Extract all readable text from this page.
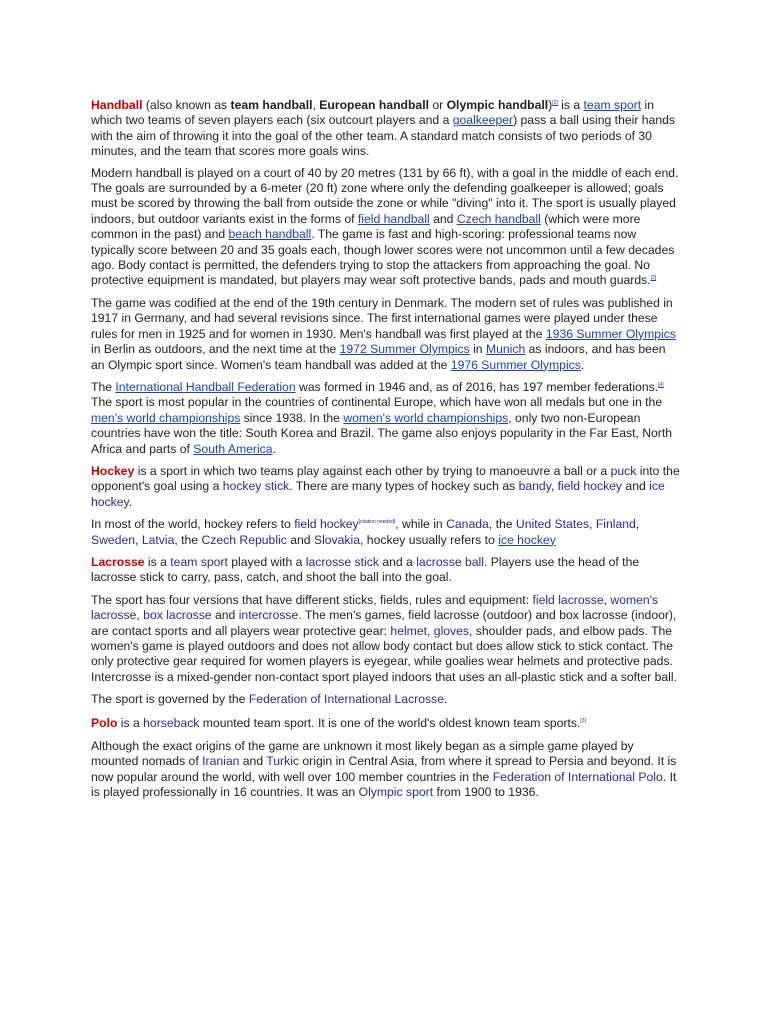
Handball (also known as team handball, European handball or Olympic handball)[2] is a team sport in which two teams of seven players each (six outcourt players and a goalkeeper) pass a ball using their hands with the aim of throwing it into the goal of the other team. A standard match consists of two periods of 30 minutes, and the team that scores more goals wins.

Modern handball is played on a court of 40 by 20 metres (131 by 66 ft), with a goal in the middle of each end. The goals are surrounded by a 6-meter (20 ft) zone where only the defending goalkeeper is allowed; goals must be scored by throwing the ball from outside the zone or while "diving" into it. The sport is usually played indoors, but outdoor variants exist in the forms of field handball and Czech handball (which were more common in the past) and beach handball. The game is fast and high-scoring: professional teams now typically score between 20 and 35 goals each, though lower scores were not uncommon until a few decades ago. Body contact is permitted, the defenders trying to stop the attackers from approaching the goal. No protective equipment is mandated, but players may wear soft protective bands, pads and mouth guards.[3]

The game was codified at the end of the 19th century in Denmark. The modern set of rules was published in 1917 in Germany, and had several revisions since. The first international games were played under these rules for men in 1925 and for women in 1930. Men's handball was first played at the 1936 Summer Olympics in Berlin as outdoors, and the next time at the 1972 Summer Olympics in Munich as indoors, and has been an Olympic sport since. Women's team handball was added at the 1976 Summer Olympics.

The International Handball Federation was formed in 1946 and, as of 2016, has 197 member federations.[4] The sport is most popular in the countries of continental Europe, which have won all medals but one in the men's world championships since 1938. In the women's world championships, only two non-European countries have won the title: South Korea and Brazil. The game also enjoys popularity in the Far East, North Africa and parts of South America.

Hockey is a sport in which two teams play against each other by trying to manoeuvre a ball or a puck into the opponent's goal using a hockey stick. There are many types of hockey such as bandy, field hockey and ice hockey.

In most of the world, hockey refers to field hockey[citation needed], while in Canada, the United States, Finland, Sweden, Latvia, the Czech Republic and Slovakia, hockey usually refers to ice hockey

Lacrosse is a team sport played with a lacrosse stick and a lacrosse ball. Players use the head of the lacrosse stick to carry, pass, catch, and shoot the ball into the goal.

The sport has four versions that have different sticks, fields, rules and equipment: field lacrosse, women's lacrosse, box lacrosse and intercrosse. The men's games, field lacrosse (outdoor) and box lacrosse (indoor), are contact sports and all players wear protective gear: helmet, gloves, shoulder pads, and elbow pads. The women's game is played outdoors and does not allow body contact but does allow stick to stick contact. The only protective gear required for women players is eyegear, while goalies wear helmets and protective pads. Intercrosse is a mixed-gender non-contact sport played indoors that uses an all-plastic stick and a softer ball.

The sport is governed by the Federation of International Lacrosse.

Polo is a horseback mounted team sport. It is one of the world's oldest known team sports.[3]

Although the exact origins of the game are unknown it most likely began as a simple game played by mounted nomads of Iranian and Turkic origin in Central Asia, from where it spread to Persia and beyond. It is now popular around the world, with well over 100 member countries in the Federation of International Polo. It is played professionally in 16 countries. It was an Olympic sport from 1900 to 1936.
